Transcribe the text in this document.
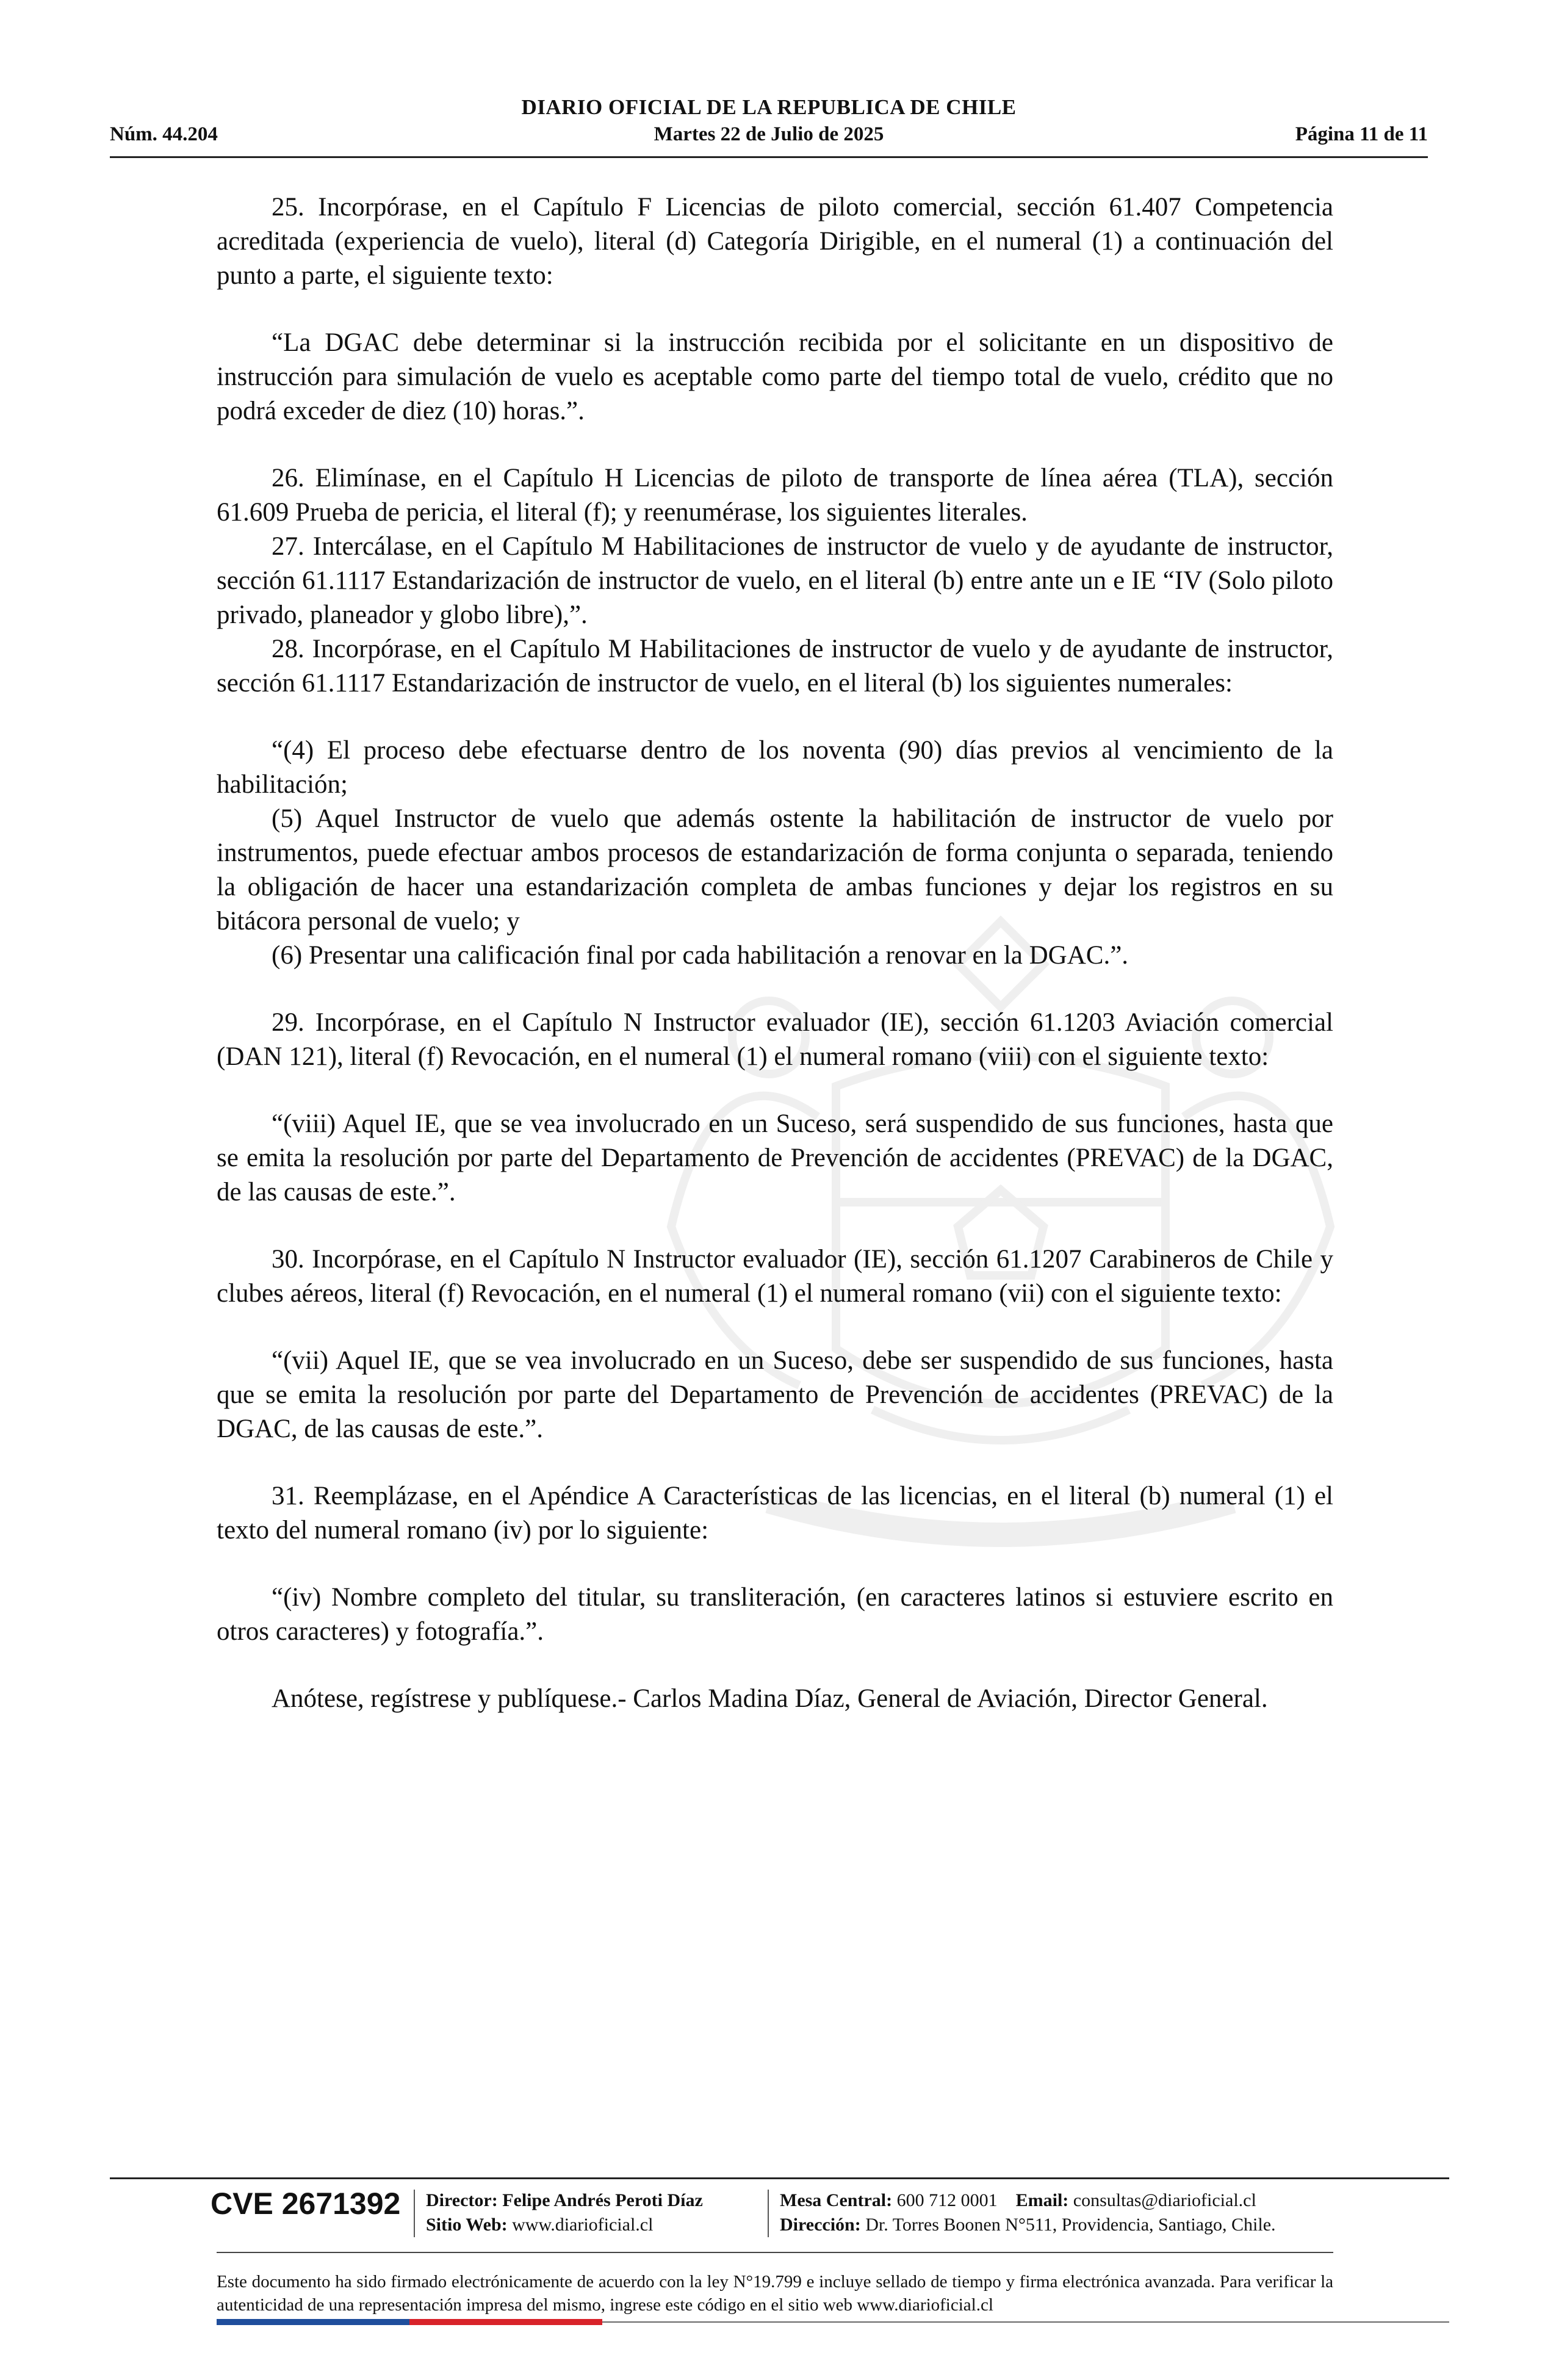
DIARIO OFICIAL DE LA REPUBLICA DE CHILE
Núm. 44.204	Martes 22 de Julio de 2025	Página 11 de 11

25. Incorpórase, en el Capítulo F Licencias de piloto comercial, sección 61.407 Competencia acreditada (experiencia de vuelo), literal (d) Categoría Dirigible, en el numeral (1) a continuación del punto a parte, el siguiente texto:

“La DGAC debe determinar si la instrucción recibida por el solicitante en un dispositivo de instrucción para simulación de vuelo es aceptable como parte del tiempo total de vuelo, crédito que no podrá exceder de diez (10) horas.”.

26. Elimínase, en el Capítulo H Licencias de piloto de transporte de línea aérea (TLA), sección 61.609 Prueba de pericia, el literal (f); y reenumérase, los siguientes literales.

27. Intercálase, en el Capítulo M Habilitaciones de instructor de vuelo y de ayudante de instructor, sección 61.1117 Estandarización de instructor de vuelo, en el literal (b) entre ante un e IE “IV (Solo piloto privado, planeador y globo libre),”.

28. Incorpórase, en el Capítulo M Habilitaciones de instructor de vuelo y de ayudante de instructor, sección 61.1117 Estandarización de instructor de vuelo, en el literal (b) los siguientes numerales:

“(4) El proceso debe efectuarse dentro de los noventa (90) días previos al vencimiento de la habilitación;

(5) Aquel Instructor de vuelo que además ostente la habilitación de instructor de vuelo por instrumentos, puede efectuar ambos procesos de estandarización de forma conjunta o separada, teniendo la obligación de hacer una estandarización completa de ambas funciones y dejar los registros en su bitácora personal de vuelo; y

(6) Presentar una calificación final por cada habilitación a renovar en la DGAC.”.

29. Incorpórase, en el Capítulo N Instructor evaluador (IE), sección 61.1203 Aviación comercial (DAN 121), literal (f) Revocación, en el numeral (1) el numeral romano (viii) con el siguiente texto:

“(viii) Aquel IE, que se vea involucrado en un Suceso, será suspendido de sus funciones, hasta que se emita la resolución por parte del Departamento de Prevención de accidentes (PREVAC) de la DGAC, de las causas de este.”.

30. Incorpórase, en el Capítulo N Instructor evaluador (IE), sección 61.1207 Carabineros de Chile y clubes aéreos, literal (f) Revocación, en el numeral (1) el numeral romano (vii) con el siguiente texto:

“(vii) Aquel IE, que se vea involucrado en un Suceso, debe ser suspendido de sus funciones, hasta que se emita la resolución por parte del Departamento de Prevención de accidentes (PREVAC) de la DGAC, de las causas de este.”.

31. Reemplázase, en el Apéndice A Características de las licencias, en el literal (b) numeral (1) el texto del numeral romano (iv) por lo siguiente:

“(iv) Nombre completo del titular, su transliteración, (en caracteres latinos si estuviere escrito en otros caracteres) y fotografía.”.

Anótese, regístrese y publíquese.- Carlos Madina Díaz, General de Aviación, Director General.

CVE 2671392 Director: Felipe Andrés Peroti Díaz
Sitio Web: www.diarioficial.cl
Mesa Central: 600 712 0001 Email: consultas@diarioficial.cl
Dirección: Dr. Torres Boonen N°511, Providencia, Santiago, Chile.
Este documento ha sido firmado electrónicamente de acuerdo con la ley N°19.799 e incluye sellado de tiempo y firma electrónica avanzada. Para verificar la autenticidad de una representación impresa del mismo, ingrese este código en el sitio web www.diarioficial.cl
